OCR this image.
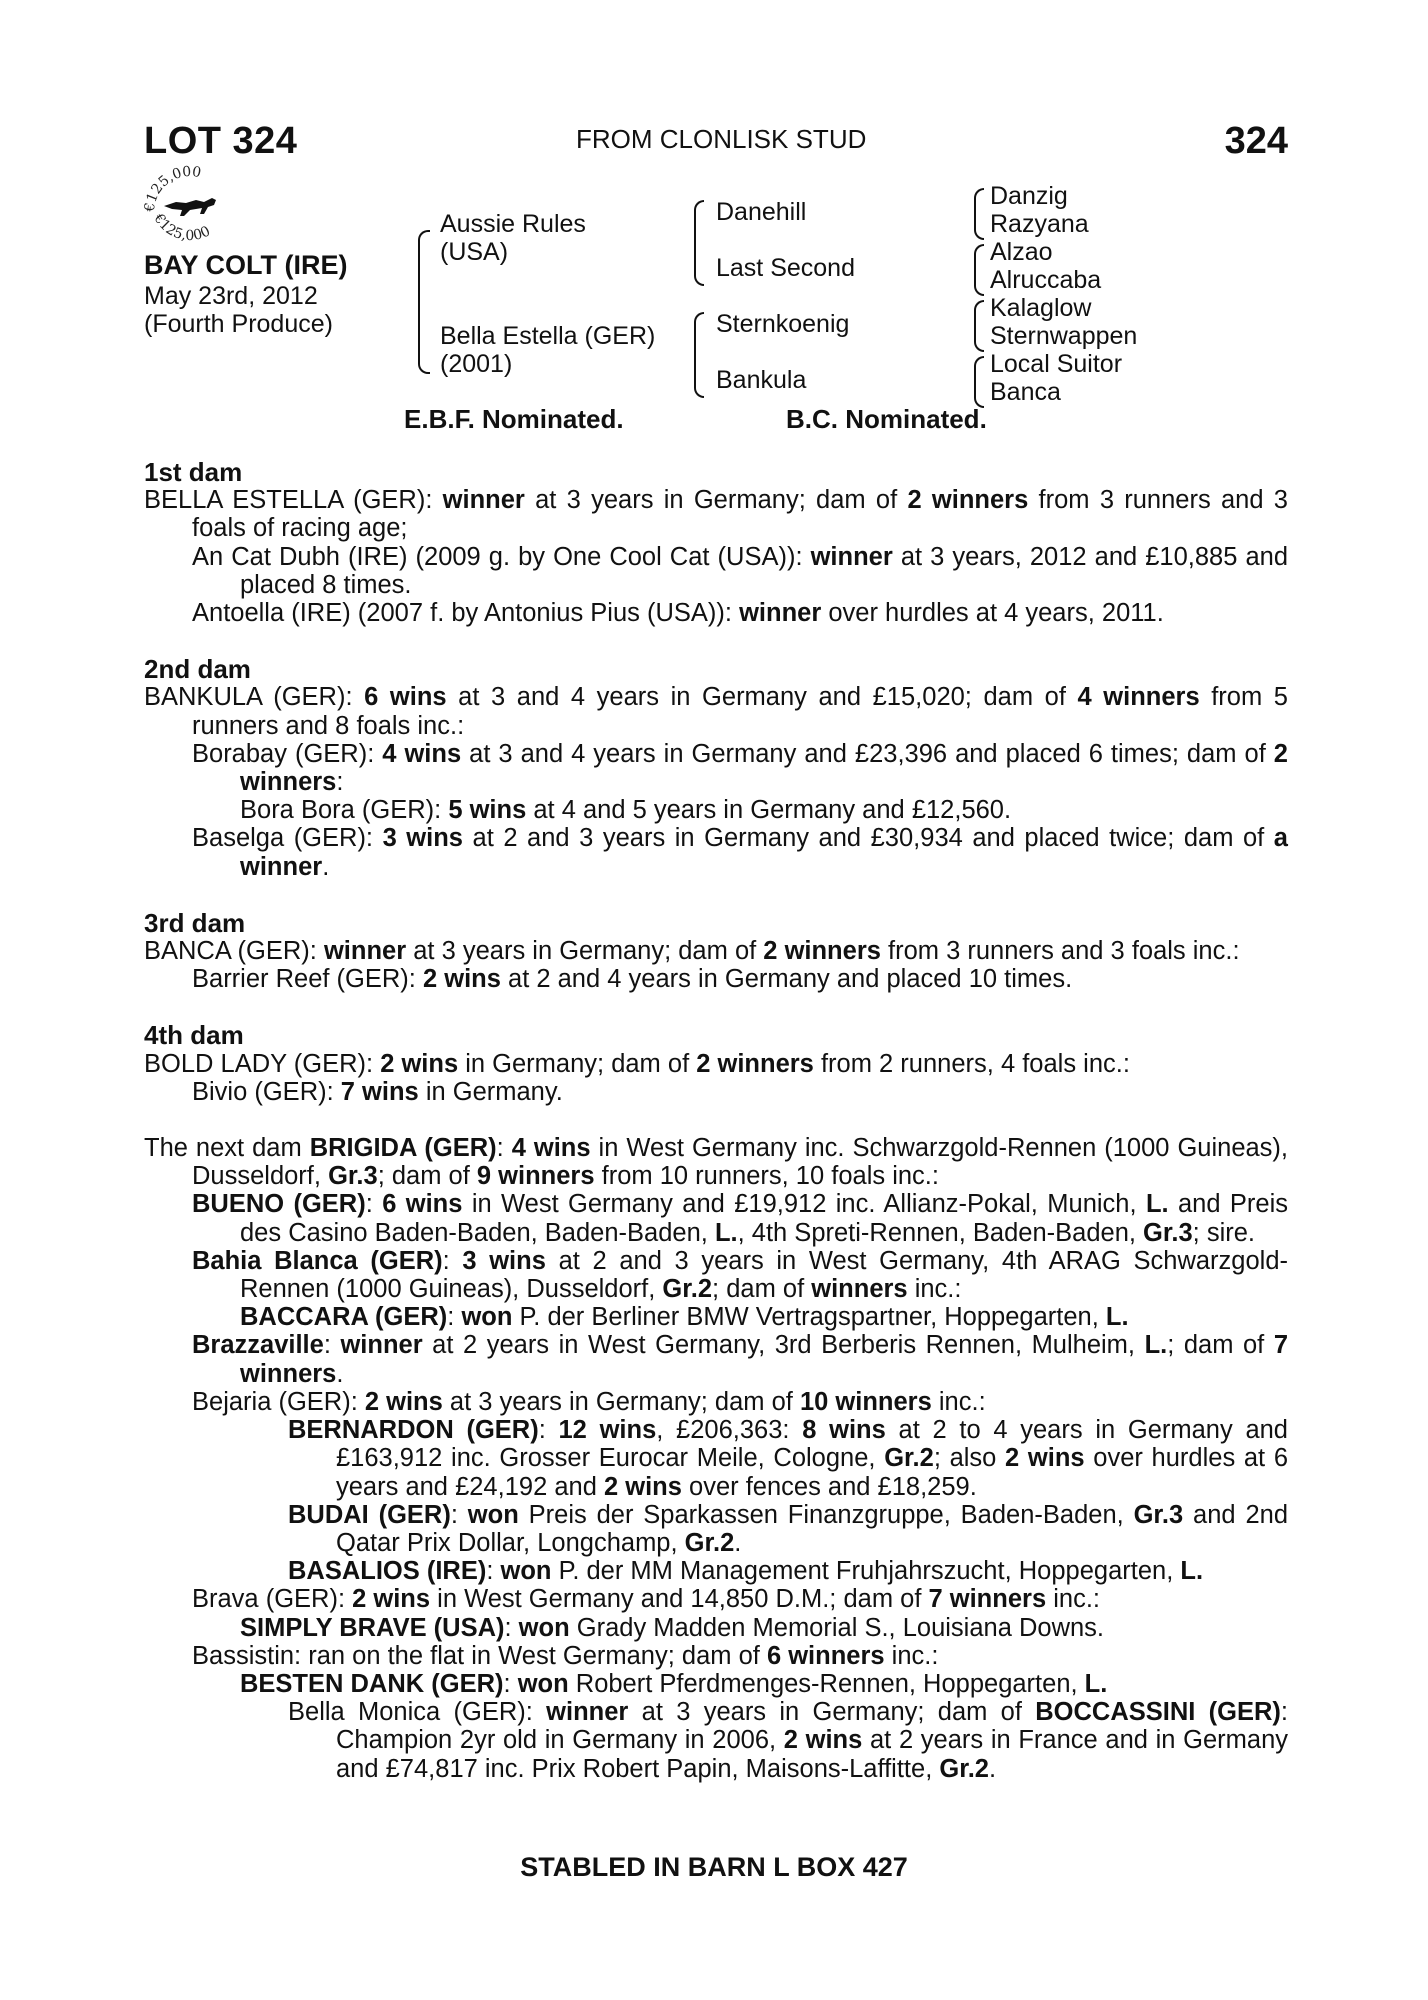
LOT 324	FROM CLONLISK STUD	324
€125,000
€125,000
BAY COLT (IRE)
May 23rd, 2012
(Fourth Produce)
Aussie Rules
(USA)
Bella Estella (GER)
(2001)
Danehill
Last Second
Sternkoenig
Bankula
Danzig
Razyana
Alzao
Alruccaba
Kalaglow
Sternwappen
Local Suitor
Banca
E.B.F. Nominated.	B.C. Nominated.

1st dam

BELLA ESTELLA (GER): winner at 3 years in Germany; dam of 2 winners from 3 runners and 3 foals of racing age;

An Cat Dubh (IRE) (2009 g. by One Cool Cat (USA)): winner at 3 years, 2012 and £10,885 and placed 8 times.

Antoella (IRE) (2007 f. by Antonius Pius (USA)): winner over hurdles at 4 years, 2011.

2nd dam

BANKULA (GER): 6 wins at 3 and 4 years in Germany and £15,020; dam of 4 winners from 5 runners and 8 foals inc.:

Borabay (GER): 4 wins at 3 and 4 years in Germany and £23,396 and placed 6 times; dam of 2 winners:

Bora Bora (GER): 5 wins at 4 and 5 years in Germany and £12,560.

Baselga (GER): 3 wins at 2 and 3 years in Germany and £30,934 and placed twice; dam of a winner.

3rd dam

BANCA (GER): winner at 3 years in Germany; dam of 2 winners from 3 runners and 3 foals inc.:

Barrier Reef (GER): 2 wins at 2 and 4 years in Germany and placed 10 times.

4th dam

BOLD LADY (GER): 2 wins in Germany; dam of 2 winners from 2 runners, 4 foals inc.:

Bivio (GER): 7 wins in Germany.

The next dam BRIGIDA (GER): 4 wins in West Germany inc. Schwarzgold-Rennen (1000 Guineas), Dusseldorf, Gr.3; dam of 9 winners from 10 runners, 10 foals inc.:

BUENO (GER): 6 wins in West Germany and £19,912 inc. Allianz-Pokal, Munich, L. and Preis des Casino Baden-Baden, Baden-Baden, L., 4th Spreti-Rennen, Baden-Baden, Gr.3; sire.

Bahia Blanca (GER): 3 wins at 2 and 3 years in West Germany, 4th ARAG Schwarzgold-Rennen (1000 Guineas), Dusseldorf, Gr.2; dam of winners inc.:

BACCARA (GER): won P. der Berliner BMW Vertragspartner, Hoppegarten, L.

Brazzaville: winner at 2 years in West Germany, 3rd Berberis Rennen, Mulheim, L.; dam of 7 winners.

Bejaria (GER): 2 wins at 3 years in Germany; dam of 10 winners inc.:

BERNARDON (GER): 12 wins, £206,363: 8 wins at 2 to 4 years in Germany and £163,912 inc. Grosser Eurocar Meile, Cologne, Gr.2; also 2 wins over hurdles at 6 years and £24,192 and 2 wins over fences and £18,259.

BUDAI (GER): won Preis der Sparkassen Finanzgruppe, Baden-Baden, Gr.3 and 2nd Qatar Prix Dollar, Longchamp, Gr.2.

BASALIOS (IRE): won P. der MM Management Fruhjahrszucht, Hoppegarten, L.

Brava (GER): 2 wins in West Germany and 14,850 D.M.; dam of 7 winners inc.:

SIMPLY BRAVE (USA): won Grady Madden Memorial S., Louisiana Downs.

Bassistin: ran on the flat in West Germany; dam of 6 winners inc.:

BESTEN DANK (GER): won Robert Pferdmenges-Rennen, Hoppegarten, L.

Bella Monica (GER): winner at 3 years in Germany; dam of BOCCASSINI (GER): Champion 2yr old in Germany in 2006, 2 wins at 2 years in France and in Germany and £74,817 inc. Prix Robert Papin, Maisons-Laffitte, Gr.2.

STABLED IN BARN L BOX 427
